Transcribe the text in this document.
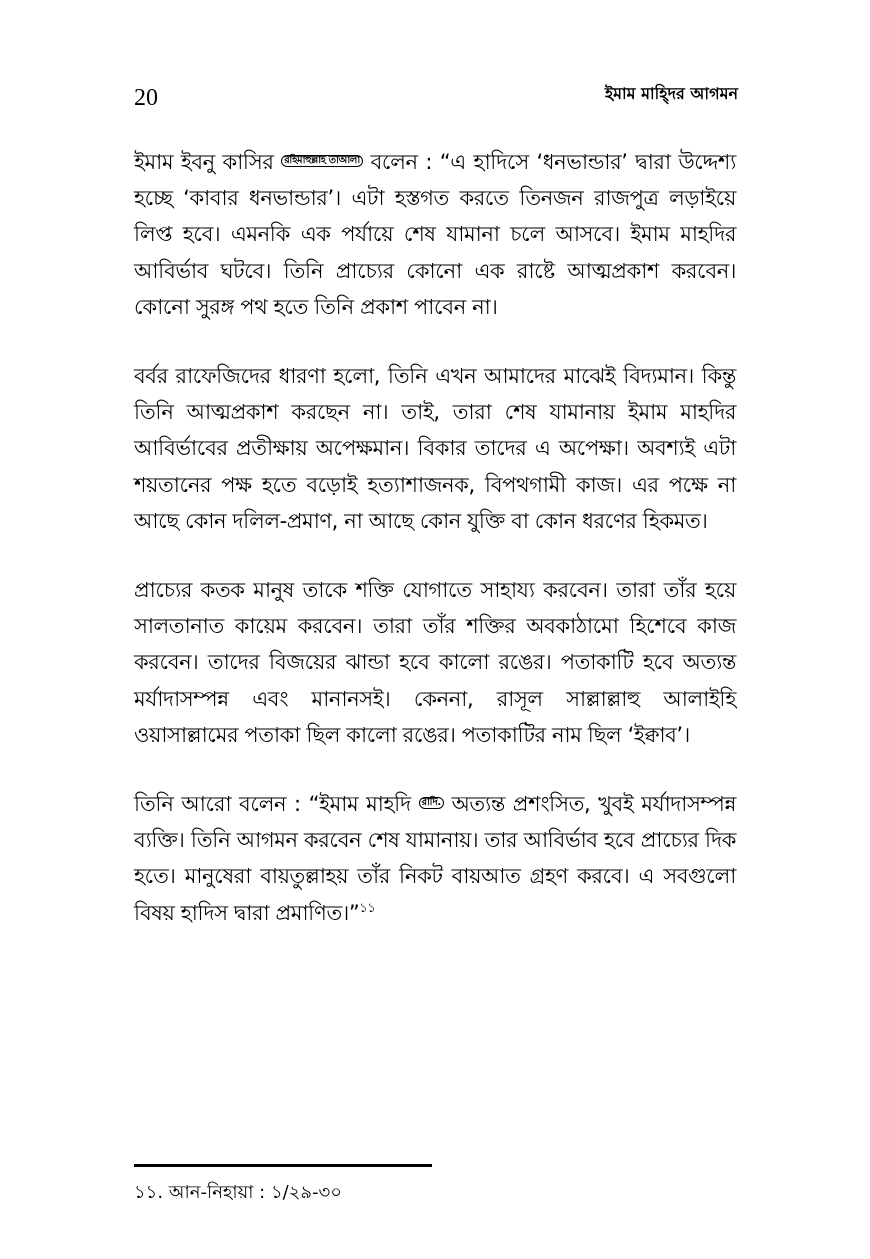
20	ইমাম মাহ্দির আগমন

ইমাম ইবনু কাসির রহিমাহুল্লাহ তাআলা বলেন : “এ হাদিসে ‘ধনভান্ডার’ দ্বারা উদ্দেশ্য হচ্ছে ‘কাবার ধনভান্ডার’। এটা হস্তগত করতে তিনজন রাজপুত্র লড়াইয়ে লিপ্ত হবে। এমনকি এক পর্যায়ে শেষ যামানা চলে আসবে। ইমাম মাহদির আবির্ভাব ঘটবে। তিনি প্রাচ্যের কোনো এক রাষ্টে আত্মপ্রকাশ করবেন। কোনো সুরঙ্গ পথ হতে তিনি প্রকাশ পাবেন না।

বর্বর রাফেজিদের ধারণা হলো, তিনি এখন আমাদের মাঝেই বিদ্যমান। কিন্তু তিনি আত্মপ্রকাশ করছেন না। তাই, তারা শেষ যামানায় ইমাম মাহদির আবির্ভাবের প্রতীক্ষায় অপেক্ষমান। বিকার তাদের এ অপেক্ষা। অবশ্যই এটা শয়তানের পক্ষ হতে বড়োই হত্যাশাজনক, বিপথগামী কাজ। এর পক্ষে না আছে কোন দলিল-প্রমাণ, না আছে কোন যুক্তি বা কোন ধরণের হিকমত।

প্রাচ্যের কতক মানুষ তাকে শক্তি যোগাতে সাহায্য করবেন। তারা তাঁর হয়ে সালতানাত কায়েম করবেন। তারা তাঁর শক্তির অবকাঠামো হিশেবে কাজ করবেন। তাদের বিজয়ের ঝান্ডা হবে কালো রঙের। পতাকাটি হবে অত্যন্ত মর্যাদাসম্পন্ন এবং মানানসই। কেননা, রাসূল সাল্লাল্লাহু আলাইহি ওয়াসাল্লামের পতাকা ছিল কালো রঙের। পতাকাটির নাম ছিল ‘ইক্বাব’।

তিনি আরো বলেন : “ইমাম মাহদি রাদি. অত্যন্ত প্রশংসিত, খুবই মর্যাদাসম্পন্ন ব্যক্তি। তিনি আগমন করবেন শেষ যামানায়। তার আবির্ভাব হবে প্রাচ্যের দিক হতে। মানুষেরা বায়তুল্লাহয় তাঁর নিকট বায়আত গ্রহণ করবে। এ সবগুলো বিষয় হাদিস দ্বারা প্রমাণিত।”$^{১১}$

১১. আন-নিহায়া : ১/২৯-৩০
